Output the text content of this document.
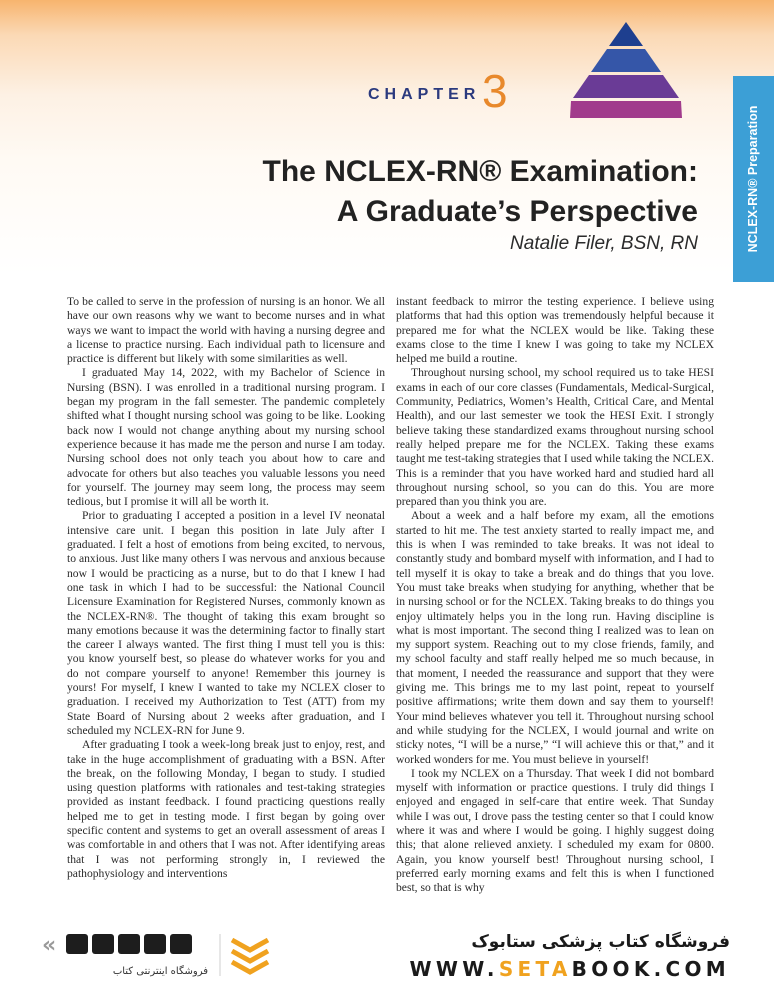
CHAPTER 3
The NCLEX-RN® Examination:
A Graduate’s Perspective
Natalie Filer, BSN, RN	NCLEX-RN® Preparation

To be called to serve in the profession of nursing is an honor. We all have our own reasons why we want to become nurses and in what ways we want to impact the world with having a nursing degree and a license to practice nursing. Each individual path to licensure and practice is different but likely with some similarities as well.

I graduated May 14, 2022, with my Bachelor of Science in Nursing (BSN). I was enrolled in a traditional nursing program. I began my program in the fall semester. The pandemic completely shifted what I thought nursing school was going to be like. Looking back now I would not change anything about my nursing school experience because it has made me the person and nurse I am today. Nursing school does not only teach you about how to care and advocate for others but also teaches you valuable lessons you need for yourself. The journey may seem long, the process may seem tedious, but I promise it will all be worth it.

Prior to graduating I accepted a position in a level IV neonatal intensive care unit. I began this position in late July after I graduated. I felt a host of emotions from being excited, to nervous, to anxious. Just like many others I was nervous and anxious because now I would be practicing as a nurse, but to do that I knew I had one task in which I had to be successful: the National Council Licensure Examination for Registered Nurses, commonly known as the NCLEX-RN®. The thought of taking this exam brought so many emotions because it was the determining factor to finally start the career I always wanted. The first thing I must tell you is this: you know yourself best, so please do whatever works for you and do not compare yourself to anyone! Remember this journey is yours! For myself, I knew I wanted to take my NCLEX closer to graduation. I received my Authorization to Test (ATT) from my State Board of Nursing about 2 weeks after graduation, and I scheduled my NCLEX-RN for June 9.

After graduating I took a week-long break just to enjoy, rest, and take in the huge accomplishment of graduating with a BSN. After the break, on the following Monday, I began to study. I studied using question platforms with rationales and test-taking strategies provided as instant feedback. I found practicing questions really helped me to get in testing mode. I first began by going over specific content and systems to get an overall assessment of areas I was comfortable in and others that I was not. After identifying areas that I was not performing strongly in, I reviewed the pathophysiology and interventions

instant feedback to mirror the testing experience. I believe using platforms that had this option was tremendously helpful because it prepared me for what the NCLEX would be like. Taking these exams close to the time I knew I was going to take my NCLEX helped me build a routine.

Throughout nursing school, my school required us to take HESI exams in each of our core classes (Fundamentals, Medical-Surgical, Community, Pediatrics, Women’s Health, Critical Care, and Mental Health), and our last semester we took the HESI Exit. I strongly believe taking these standardized exams throughout nursing school really helped prepare me for the NCLEX. Taking these exams taught me test-taking strategies that I used while taking the NCLEX. This is a reminder that you have worked hard and studied hard all throughout nursing school, so you can do this. You are more prepared than you think you are.

About a week and a half before my exam, all the emotions started to hit me. The test anxiety started to really impact me, and this is when I was reminded to take breaks. It was not ideal to constantly study and bombard myself with information, and I had to tell myself it is okay to take a break and do things that you love. You must take breaks when studying for anything, whether that be in nursing school or for the NCLEX. Taking breaks to do things you enjoy ultimately helps you in the long run. Having discipline is what is most important. The second thing I realized was to lean on my support system. Reaching out to my close friends, family, and my school faculty and staff really helped me so much because, in that moment, I needed the reassurance and support that they were giving me. This brings me to my last point, repeat to yourself positive affirmations; write them down and say them to yourself! Your mind believes whatever you tell it. Throughout nursing school and while studying for the NCLEX, I would journal and write on sticky notes, “I will be a nurse,” “I will achieve this or that,” and it worked wonders for me. You must believe in yourself!

I took my NCLEX on a Thursday. That week I did not bombard myself with information or practice questions. I truly did things I enjoyed and engaged in self-care that entire week. That Sunday while I was out, I drove pass the testing center so that I could know where it was and where I would be going. I highly suggest doing this; that alone relieved anxiety. I scheduled my exam for 0800. Again, you know yourself best! Throughout nursing school, I preferred early morning exams and felt this is when I functioned best, so that is why

«
فروشگاه اینترنتی کتاب
فروشگاه کتاب پزشکی ستابوک
WWW.SETABOOK.COM
